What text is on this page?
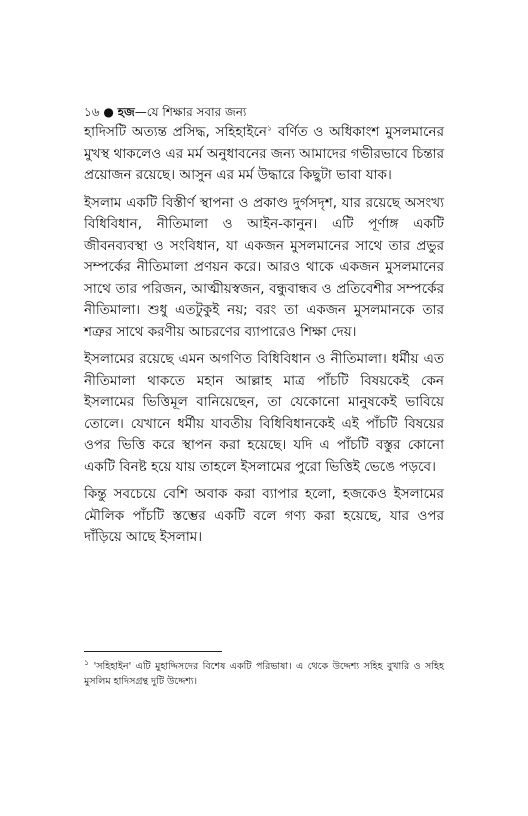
১৬ ● হজ—যে শিক্ষার সবার জন্য

হাদিসটি অত্যন্ত প্রসিদ্ধ, সহিহাইনে$^১$ বর্ণিত ও অধিকাংশ মুসলমানের মুখস্থ থাকলেও এর মর্ম অনুধাবনের জন্য আমাদের গভীরভাবে চিন্তার প্রয়োজন রয়েছে। আসুন এর মর্ম উদ্ধারে কিছুটা ভাবা যাক।

ইসলাম একটি বিস্তীর্ণ স্থাপনা ও প্রকাণ্ড দুর্গসদৃশ, যার রয়েছে অসংখ্য বিধিবিধান, নীতিমালা ও আইন-কানুন। এটি পূর্ণাঙ্গ একটি জীবনব্যবস্থা ও সংবিধান, যা একজন মুসলমানের সাথে তার প্রভুর সম্পর্কের নীতিমালা প্রণয়ন করে। আরও থাকে একজন মুসলমানের সাথে তার পরিজন, আত্মীয়স্বজন, বন্ধুবান্ধব ও প্রতিবেশীর সম্পর্কের নীতিমালা। শুধু এতটুকুই নয়; বরং তা একজন মুসলমানকে তার শত্রুর সাথে করণীয় আচরণের ব্যাপারেও শিক্ষা দেয়।

ইসলামের রয়েছে এমন অগণিত বিধিবিধান ও নীতিমালা। ধর্মীয় এত নীতিমালা থাকতে মহান আল্লাহ মাত্র পাঁচটি বিষয়কেই কেন ইসলামের ভিত্তিমূল বানিয়েছেন, তা যেকোনো মানুষকেই ভাবিয়ে তোলে। যেখানে ধর্মীয় যাবতীয় বিধিবিধানকেই এই পাঁচটি বিষয়ের ওপর ভিত্তি করে স্থাপন করা হয়েছে। যদি এ পাঁচটি বস্তুর কোনো একটি বিনষ্ট হয়ে যায় তাহলে ইসলামের পুরো ভিত্তিই ভেঙে পড়বে।

কিন্তু সবচেয়ে বেশি অবাক করা ব্যাপার হলো, হজকেও ইসলামের মৌলিক পাঁচটি স্তম্ভের একটি বলে গণ্য করা হয়েছে, যার ওপর দাঁড়িয়ে আছে ইসলাম।

$^১$ 'সহিহাইন' এটি মুহাদ্দিসদের বিশেষ একটি পরিভাষা। এ থেকে উদ্দেশ্য সহিহ বুখারি ও সহিহ মুসলিম হাদিসগ্রন্থ দুটি উদ্দেশ্য।
